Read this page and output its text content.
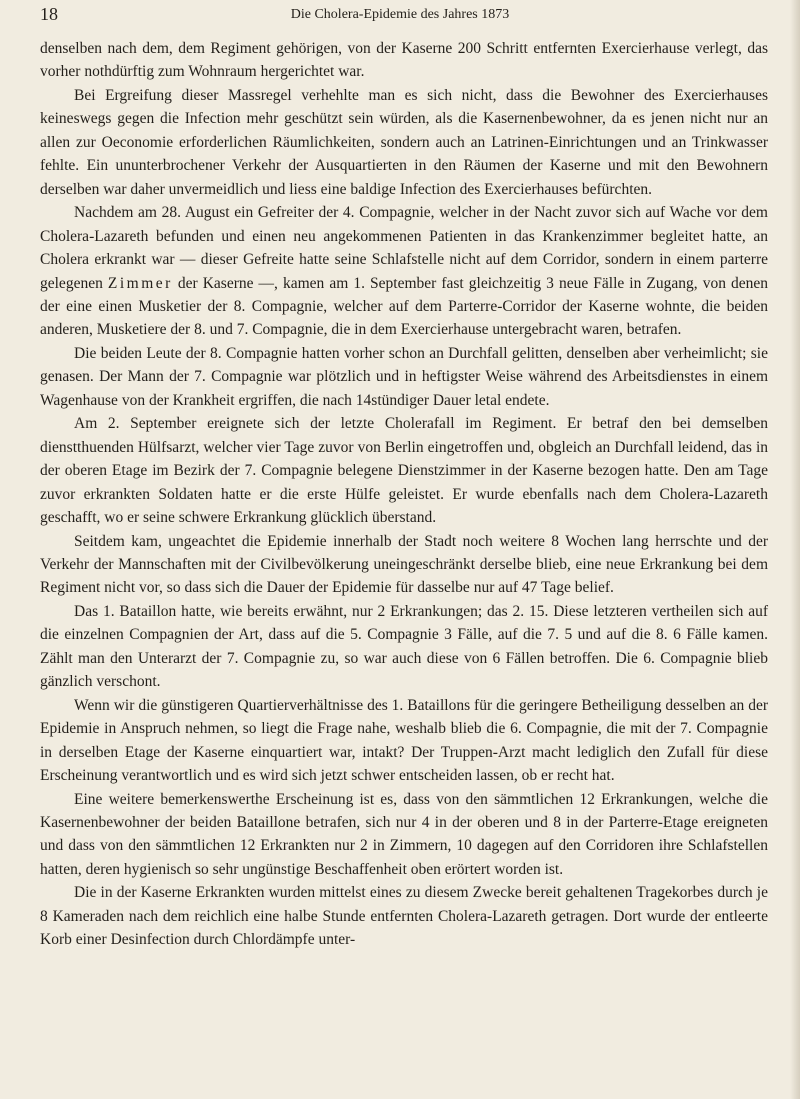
18	Die Cholera-Epidemie des Jahres 1873

denselben nach dem, dem Regiment gehörigen, von der Kaserne 200 Schritt entfernten Exercierhause verlegt, das vorher nothdürftig zum Wohnraum hergerichtet war.

Bei Ergreifung dieser Massregel verhehlte man es sich nicht, dass die Bewohner des Exercierhauses keineswegs gegen die Infection mehr geschützt sein würden, als die Kasernenbewohner, da es jenen nicht nur an allen zur Oeconomie erforderlichen Räumlichkeiten, sondern auch an Latrinen-Einrichtungen und an Trinkwasser fehlte. Ein ununterbrochener Verkehr der Ausquartierten in den Räumen der Kaserne und mit den Bewohnern derselben war daher unvermeidlich und liess eine baldige Infection des Exercierhauses befürchten.

Nachdem am 28. August ein Gefreiter der 4. Compagnie, welcher in der Nacht zuvor sich auf Wache vor dem Cholera-Lazareth befunden und einen neu angekommenen Patienten in das Krankenzimmer begleitet hatte, an Cholera erkrankt war — dieser Gefreite hatte seine Schlafstelle nicht auf dem Corridor, sondern in einem parterre gelegenen Zimmer der Kaserne —, kamen am 1. September fast gleichzeitig 3 neue Fälle in Zugang, von denen der eine einen Musketier der 8. Compagnie, welcher auf dem Parterre-Corridor der Kaserne wohnte, die beiden anderen, Musketiere der 8. und 7. Compagnie, die in dem Exercierhause untergebracht waren, betrafen.

Die beiden Leute der 8. Compagnie hatten vorher schon an Durchfall gelitten, denselben aber verheimlicht; sie genasen. Der Mann der 7. Compagnie war plötzlich und in heftigster Weise während des Arbeitsdienstes in einem Wagenhause von der Krankheit ergriffen, die nach 14stündiger Dauer letal endete.

Am 2. September ereignete sich der letzte Cholerafall im Regiment. Er betraf den bei demselben dienstthuenden Hülfsarzt, welcher vier Tage zuvor von Berlin eingetroffen und, obgleich an Durchfall leidend, das in der oberen Etage im Bezirk der 7. Compagnie belegene Dienstzimmer in der Kaserne bezogen hatte. Den am Tage zuvor erkrankten Soldaten hatte er die erste Hülfe geleistet. Er wurde ebenfalls nach dem Cholera-Lazareth geschafft, wo er seine schwere Erkrankung glücklich überstand.

Seitdem kam, ungeachtet die Epidemie innerhalb der Stadt noch weitere 8 Wochen lang herrschte und der Verkehr der Mannschaften mit der Civilbevölkerung uneingeschränkt derselbe blieb, eine neue Erkrankung bei dem Regiment nicht vor, so dass sich die Dauer der Epidemie für dasselbe nur auf 47 Tage belief.

Das 1. Bataillon hatte, wie bereits erwähnt, nur 2 Erkrankungen; das 2. 15. Diese letzteren vertheilen sich auf die einzelnen Compagnien der Art, dass auf die 5. Compagnie 3 Fälle, auf die 7. 5 und auf die 8. 6 Fälle kamen. Zählt man den Unterarzt der 7. Compagnie zu, so war auch diese von 6 Fällen betroffen. Die 6. Compagnie blieb gänzlich verschont.

Wenn wir die günstigeren Quartierverhältnisse des 1. Bataillons für die geringere Betheiligung desselben an der Epidemie in Anspruch nehmen, so liegt die Frage nahe, weshalb blieb die 6. Compagnie, die mit der 7. Compagnie in derselben Etage der Kaserne einquartiert war, intakt? Der Truppen-Arzt macht lediglich den Zufall für diese Erscheinung verantwortlich und es wird sich jetzt schwer entscheiden lassen, ob er recht hat.

Eine weitere bemerkenswerthe Erscheinung ist es, dass von den sämmtlichen 12 Erkrankungen, welche die Kasernenbewohner der beiden Bataillone betrafen, sich nur 4 in der oberen und 8 in der Parterre-Etage ereigneten und dass von den sämmtlichen 12 Erkrankten nur 2 in Zimmern, 10 dagegen auf den Corridoren ihre Schlafstellen hatten, deren hygienisch so sehr ungünstige Beschaffenheit oben erörtert worden ist.

Die in der Kaserne Erkrankten wurden mittelst eines zu diesem Zwecke bereit gehaltenen Tragekorbes durch je 8 Kameraden nach dem reichlich eine halbe Stunde entfernten Cholera-Lazareth getragen. Dort wurde der entleerte Korb einer Desinfection durch Chlordämpfe unter-
